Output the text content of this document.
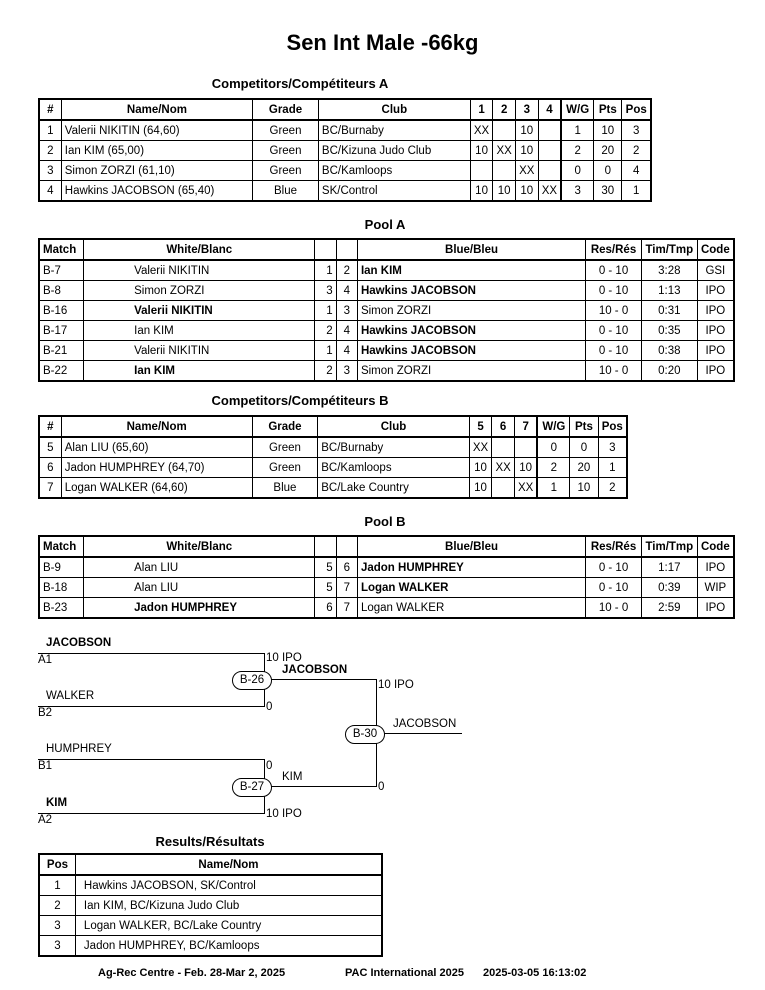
Sen Int Male -66kg
Competitors/Compétiteurs A
#	Name/Nom	Grade	Club	1	2	3	4	W/G	Pts	Pos
1	Valerii NIKITIN (64,60)	Green	BC/Burnaby	XX		10		1	10	3
2	Ian KIM (65,00)	Green	BC/Kizuna Judo Club	10	XX	10		2	20	2
3	Simon ZORZI (61,10)	Green	BC/Kamloops			XX		0	0	4
4	Hawkins JACOBSON (65,40)	Blue	SK/Control	10	10	10	XX	3	30	1
Pool A
Match	White/Blanc			Blue/Bleu	Res/Rés	Tim/Tmp	Code
B-7	Valerii NIKITIN	1	2	Ian KIM	0 - 10	3:28	GSI
B-8	Simon ZORZI	3	4	Hawkins JACOBSON	0 - 10	1:13	IPO
B-16	Valerii NIKITIN	1	3	Simon ZORZI	10 - 0	0:31	IPO
B-17	Ian KIM	2	4	Hawkins JACOBSON	0 - 10	0:35	IPO
B-21	Valerii NIKITIN	1	4	Hawkins JACOBSON	0 - 10	0:38	IPO
B-22	Ian KIM	2	3	Simon ZORZI	10 - 0	0:20	IPO
Competitors/Compétiteurs B
#	Name/Nom	Grade	Club	5	6	7	W/G	Pts	Pos
5	Alan LIU (65,60)	Green	BC/Burnaby	XX			0	0	3
6	Jadon HUMPHREY (64,70)	Green	BC/Kamloops	10	XX	10	2	20	1
7	Logan WALKER (64,60)	Blue	BC/Lake Country	10		XX	1	10	2
Pool B
Match	White/Blanc			Blue/Bleu	Res/Rés	Tim/Tmp	Code
B-9	Alan LIU	5	6	Jadon HUMPHREY	0 - 10	1:17	IPO
B-18	Alan LIU	5	7	Logan WALKER	0 - 10	0:39	WIP
B-23	Jadon HUMPHREY	6	7	Logan WALKER	10 - 0	2:59	IPO
JACOBSON
A1	10 IPO
WALKER
B2	0
JACOBSON
B-26
HUMPHREY
B1	0
KIM
A2	10 IPO
KIM
B-27
10 IPO
0
JACOBSON
B-30
Results/Résultats
Pos	Name/Nom
1	Hawkins JACOBSON, SK/Control
2	Ian KIM, BC/Kizuna Judo Club
3	Logan WALKER, BC/Lake Country
3	Jadon HUMPHREY, BC/Kamloops
Ag-Rec Centre - Feb. 28-Mar 2, 2025	PAC International 2025 2025-03-05 16:13:02
